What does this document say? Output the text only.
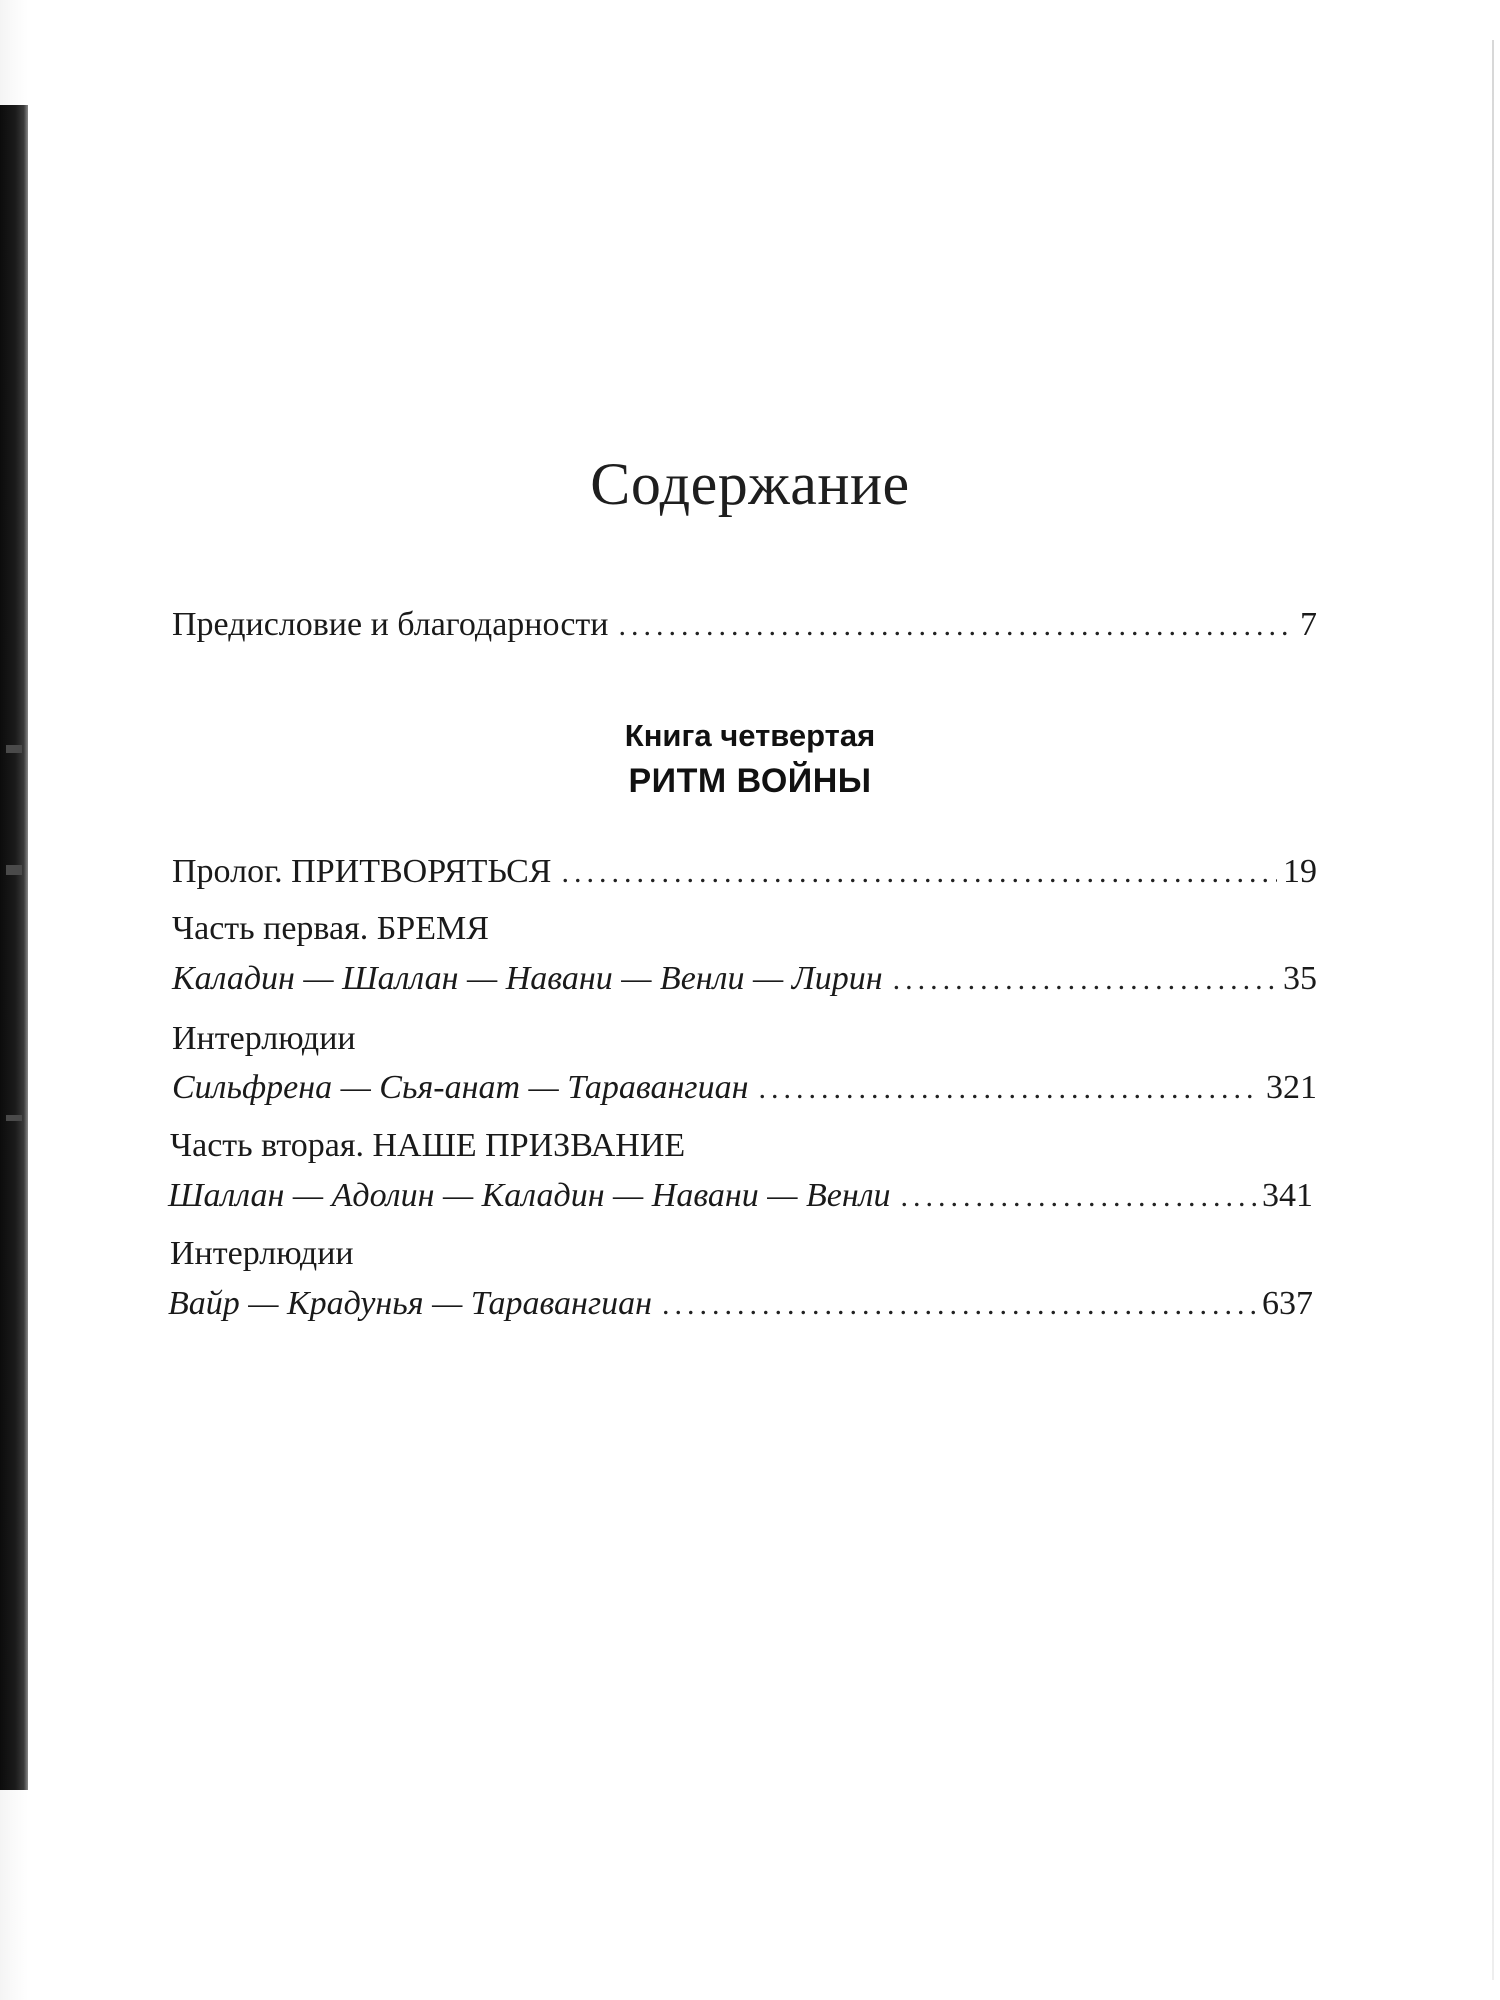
Содержание
Предисловие и благодарности .....	7
Книга четвертая
РИТМ ВОЙНЫ
Пролог. ПРИТВОРЯТЬСЯ .....	19
Часть первая. БРЕМЯ
Каладин — Шаллан — Навани — Венли — Лирин .....	35
Интерлюдии
Сильфрена — Сья-анат — Таравангиан .....	321
Часть вторая. НАШЕ ПРИЗВАНИЕ
Шаллан — Адолин — Каладин — Навани — Венли .....	341
Интерлюдии
Вайр — Крадунья — Таравангиан .....	637
